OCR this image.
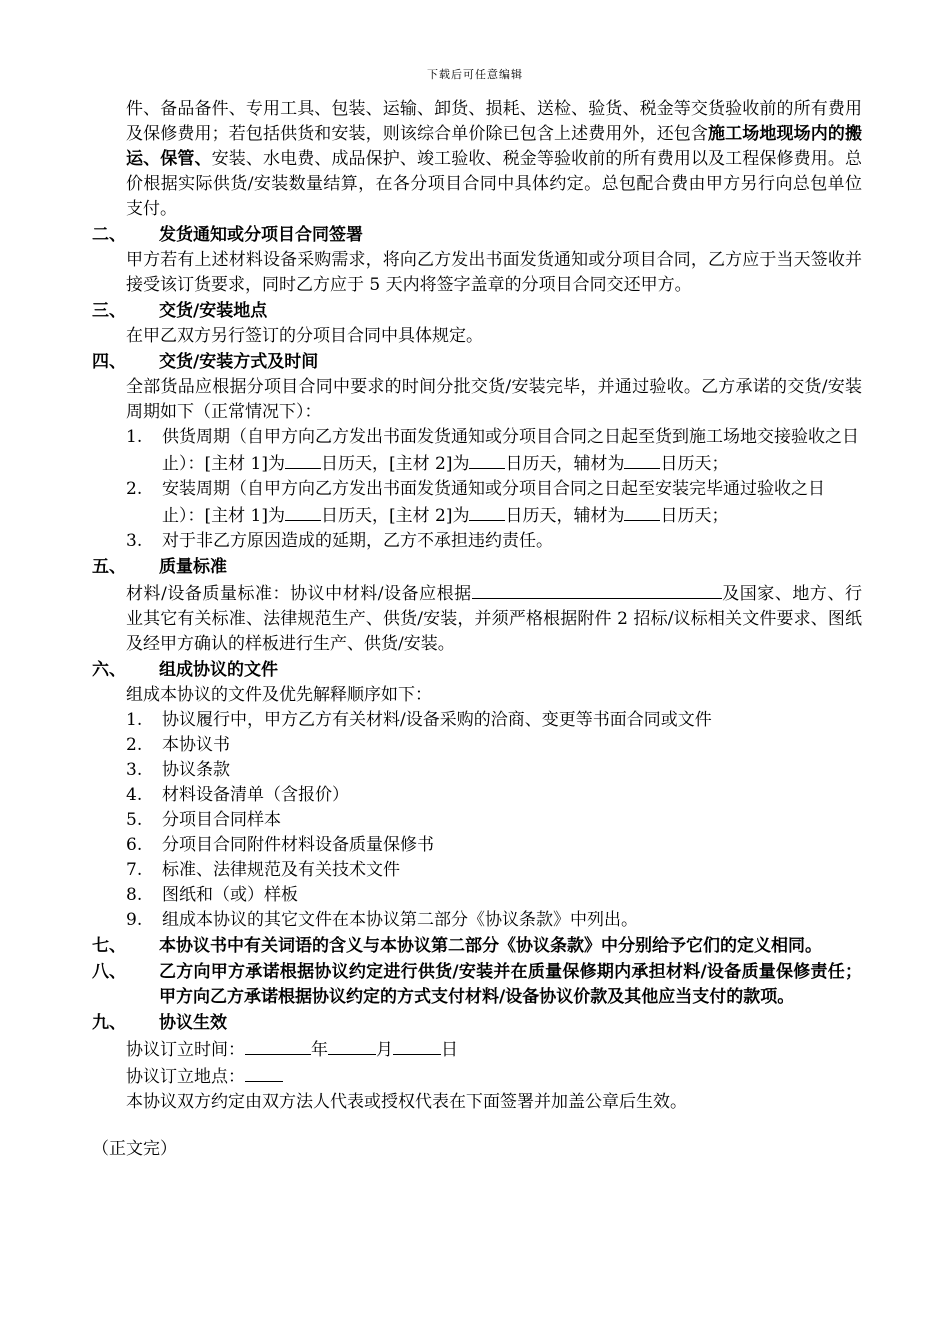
下载后可任意编辑

件、备品备件、专用工具、包装、运输、卸货、损耗、送检、验货、税金等交货验收前的所有费用及保修费用；若包括供货和安装，则该综合单价除已包含上述费用外，还包含施工场地现场内的搬运、保管、安装、水电费、成品保护、竣工验收、税金等验收前的所有费用以及工程保修费用。总价根据实际供货/安装数量结算，在各分项目合同中具体约定。总包配合费由甲方另行向总包单位支付。

二、	发货通知或分项目合同签署

甲方若有上述材料设备采购需求，将向乙方发出书面发货通知或分项目合同，乙方应于当天签收并接受该订货要求，同时乙方应于 5 天内将签字盖章的分项目合同交还甲方。

三、	交货/安装地点

在甲乙双方另行签订的分项目合同中具体规定。

四、	交货/安装方式及时间

全部货品应根据分项目合同中要求的时间分批交货/安装完毕，并通过验收。乙方承诺的交货/安装周期如下（正常情况下）：

1.	供货周期（自甲方向乙方发出书面发货通知或分项目合同之日起至货到施工场地交接验收之日止）：[主材 1]为 日历天，[主材 2]为 日历天，辅材为 日历天；
2.	安装周期（自甲方向乙方发出书面发货通知或分项目合同之日起至安装完毕通过验收之日止）：[主材 1]为 日历天，[主材 2]为 日历天，辅材为 日历天；
3.	对于非乙方原因造成的延期，乙方不承担违约责任。
五、	质量标准

材料/设备质量标准：协议中材料/设备应根据	及国家、地方、行业其它有关标准、法律规范生产、供货/安装，并须严格根据附件 2 招标/议标相关文件要求、图纸及经甲方确认的样板进行生产、供货/安装。

六、	组成协议的文件

组成本协议的文件及优先解释顺序如下：

1.	协议履行中，甲方乙方有关材料/设备采购的洽商、变更等书面合同或文件
2.	本协议书
3.	协议条款
4.	材料设备清单（含报价）
5.	分项目合同样本
6.	分项目合同附件材料设备质量保修书
7.	标准、法律规范及有关技术文件
8.	图纸和（或）样板
9.	组成本协议的其它文件在本协议第二部分《协议条款》中列出。
七、	本协议书中有关词语的含义与本协议第二部分《协议条款》中分别给予它们的定义相同。
八、	乙方向甲方承诺根据协议约定进行供货/安装并在质量保修期内承担材料/设备质量保修责任；甲方向乙方承诺根据协议约定的方式支付材料/设备协议价款及其他应当支付的款项。
九、	协议生效

协议订立时间：	年	月	日

协议订立地点：

本协议双方约定由双方法人代表或授权代表在下面签署并加盖公章后生效。

（正文完）
